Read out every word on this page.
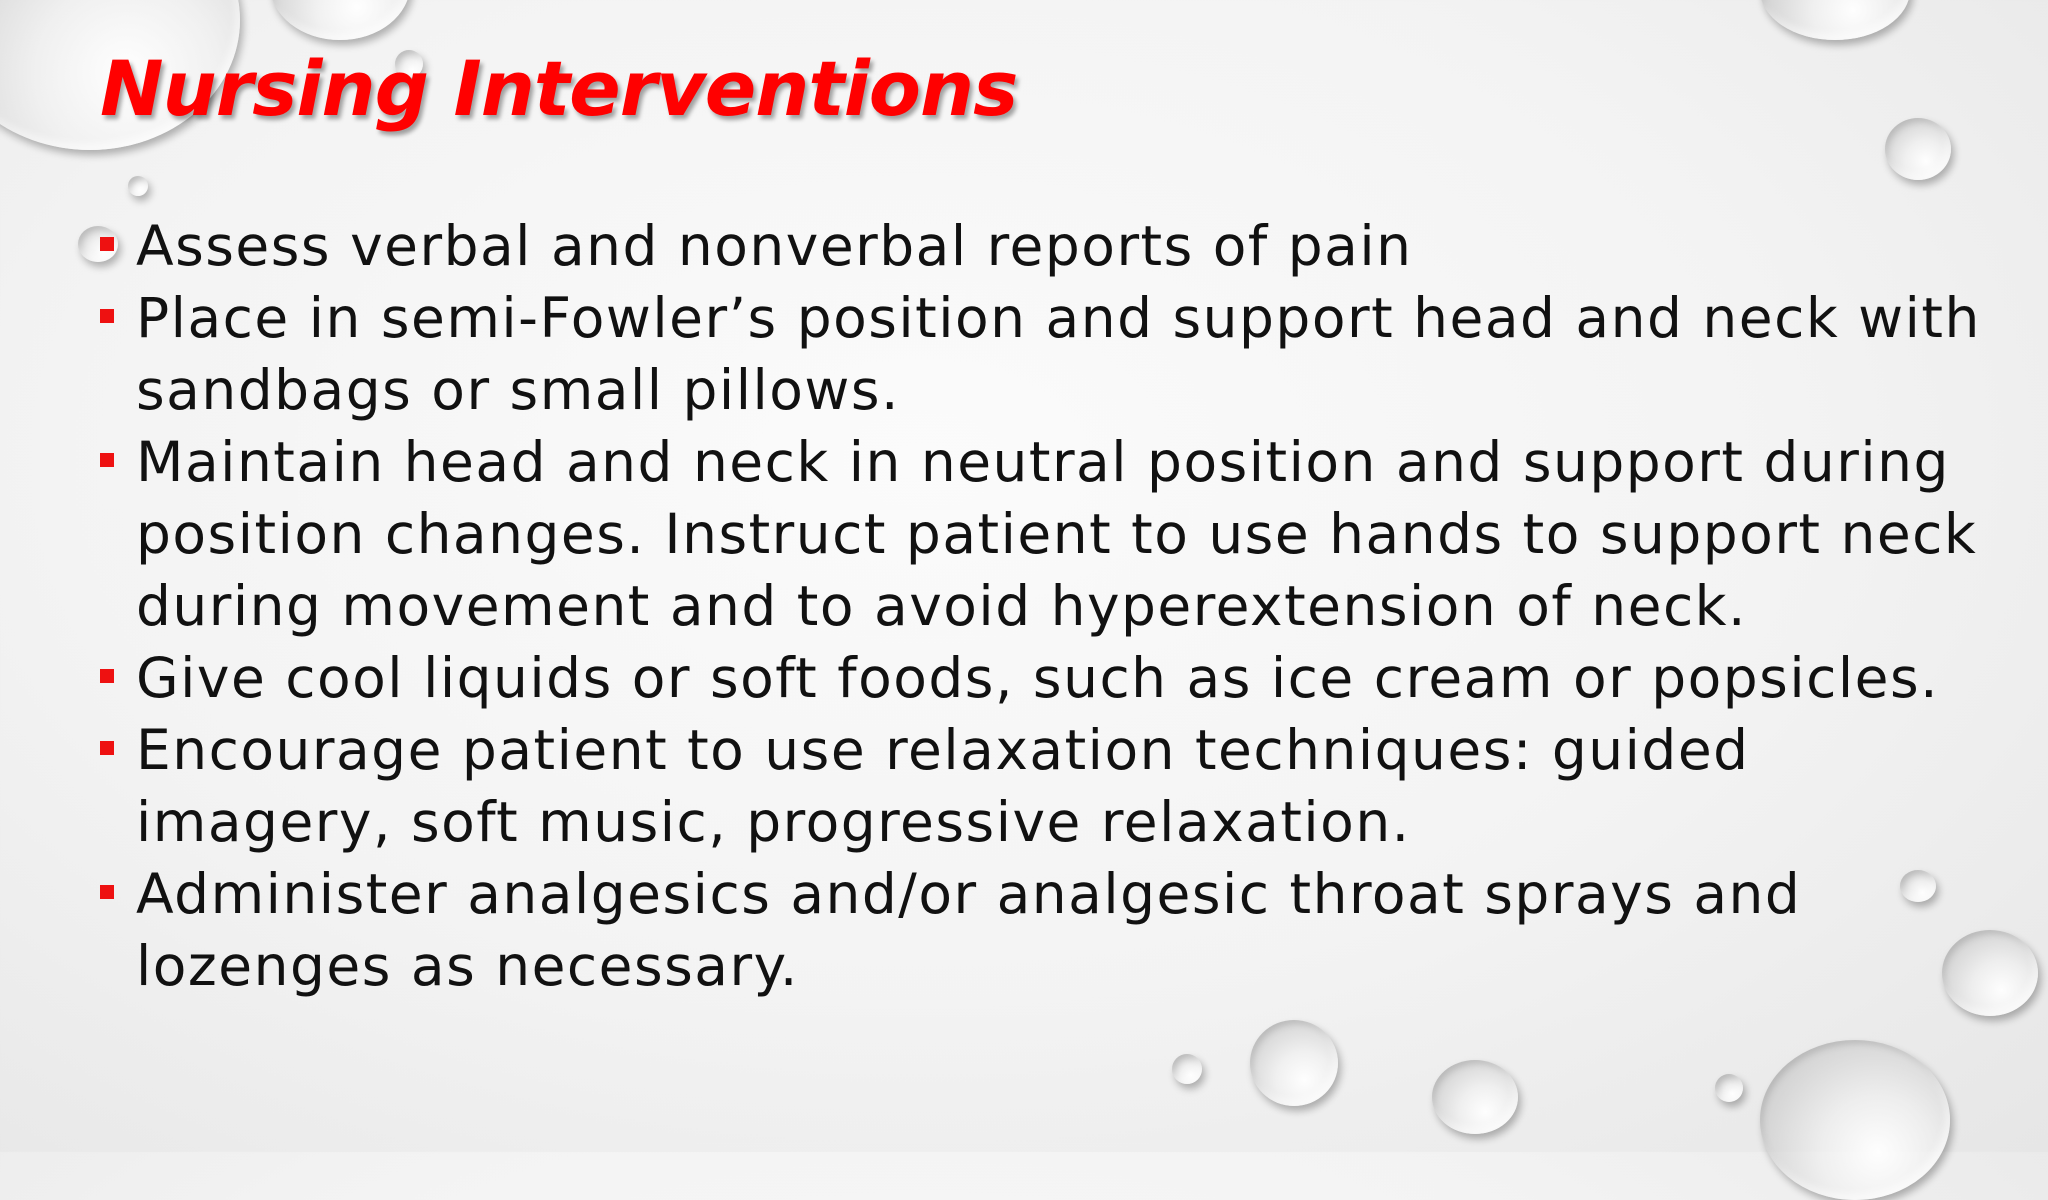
Nursing Interventions
Assess verbal and nonverbal reports of pain
Place in semi-Fowler’s position and support head and neck with sandbags or small pillows.
Maintain head and neck in neutral position and support during position changes. Instruct patient to use hands to support neck during movement and to avoid hyperextension of neck.
Give cool liquids or soft foods, such as ice cream or popsicles.
Encourage patient to use relaxation techniques: guided imagery, soft music, progressive relaxation.
Administer analgesics and/or analgesic throat sprays and lozenges as necessary.
